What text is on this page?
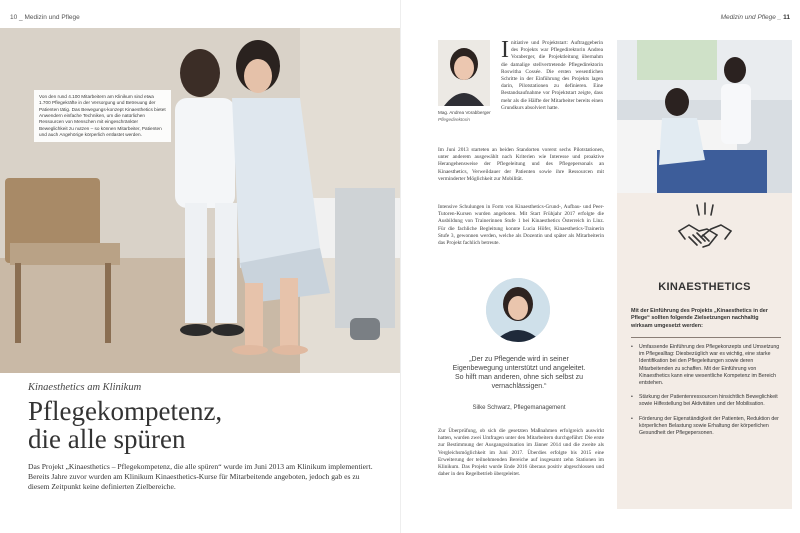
10 _ Medizin und Pflege
Von den rund 4.100 Mitarbeitern am Klinikum sind etwa 1.700 Pflegekräfte in der Versorgung und Betreuung der Patienten tätig. Das Bewegungs-konzept Kinaesthetics bietet Anwendern einfache Techniken, um die natürlichen Ressourcen von Menschen mit eingeschränkter Beweglichkeit zu nutzen – so können Mitarbeiter, Patienten und auch Angehörige körperlich entlastet werden.
Kinaesthetics am Klinikum
Pflegekompetenz,
die alle spüren

Das Projekt „Kinaesthetics – Pflegekompetenz, die alle spüren“ wurde im Juni 2013 am Klinikum implementiert. Bereits Jahre zuvor wurden am Klinikum Kinaesthetics-Kurse für Mitarbeitende angeboten, jedoch gab es zu diesem Zeitpunkt keine definierten Zielbereiche.

Medizin und Pflege _ 11
Mag. Andrea Vorabberger
Pflegedirektorin
Initiative und Projektstart: Auftraggeberin des Projekts war Pflegedirektorin Andrea Voraberger, die Projektleitung übernahm die damalige stellvertretende Pflegedirektorin Roswitha Cossée. Die ersten wesentlichen Schritte in der Einführung des Projekts lagen darin, Pilotstationen zu definieren. Eine Bestandsaufnahme vor Projektstart zeigte, dass mehr als die Hälfte der Mitarbeiter bereits einen Grundkurs absolviert hatte.

Im Juni 2013 starteten an beiden Standorten vorerst sechs Pilotstationen, unter anderem ausgewählt nach Kriterien wie Interesse und proaktive Herangehensweise der Pflegeleitung und des Pflegepersonals an Kinaesthetics, Verweildauer der Patienten sowie ihre Ressourcen mit verminderter Möglichkeit zur Mobilität.

Intensive Schulungen in Form von Kinaesthetics-Grund-, Aufbau- und Peer-Tutoren-Kursen wurden angeboten. Mit Start Frühjahr 2017 erfolgte die Ausbildung von Trainerinnen Stufe 1 bei Kinaesthetics Österreich in Linz. Für die fachliche Begleitung konnte Lucia Höfer, Kinaesthetics-Trainerin Stufe 3, gewonnen werden, welche als Dozentin und später als Mitarbeiterin das Projekt fachlich betreute.

„Der zu Pflegende wird in seiner Eigenbewegung unterstützt und angeleitet. So hilft man anderen, ohne sich selbst zu vernachlässigen.“

Silke Schwarz, Pflegemanagement

Zur Überprüfung, ob sich die gesetzten Maßnahmen erfolgreich auswirkt hatten, wurden zwei Umfragen unter den Mitarbeitern durchgeführt: Die erste zur Bestimmung der Ausgangssituation im Jänner 2014 und die zweite als Vergleichsmöglichkeit im Juni 2017. Überdies erfolgte bis 2015 eine Erweiterung der teilnehmenden Bereiche auf insgesamt zehn Stationen im Klinikum. Das Projekt wurde Ende 2016 überaus positiv abgeschlossen und daher in den Regelbetrieb übergeleitet.

KINAESTHETICS
Mit der Einführung des Projekts „Kinaesthetics in der Pflege“ sollten folgende Zielsetzungen nachhaltig wirksam umgesetzt werden:
• Umfassende Einführung des Pflegekonzepts und Umsetzung im Pflegealltag: Diesbezüglich war es wichtig, eine starke Identifikation bei den Pflegeleitungen sowie deren Mitarbeitenden zu schaffen. Mit der Einführung von Kinaesthetics kann eine wesentliche Kompetenz im Bereich entstehen.
• Stärkung der Patientenressourcen hinsichtlich Beweglichkeit sowie Hilfestellung bei Aktivitäten und der Mobilisation.
• Förderung der Eigenständigkeit der Patienten, Reduktion der körperlichen Belastung sowie Erhaltung der körperlichen Gesundheit der Pflegepersonen.
